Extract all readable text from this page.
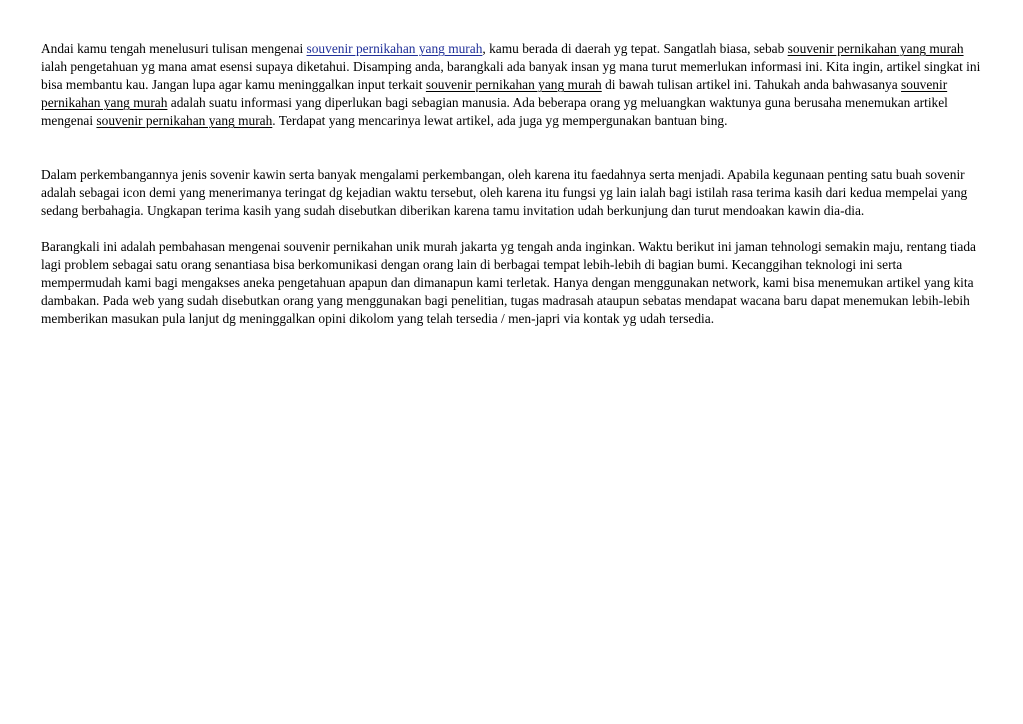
Andai kamu tengah menelusuri tulisan mengenai souvenir pernikahan yang murah, kamu berada di daerah yg tepat. Sangatlah biasa, sebab souvenir pernikahan yang murah ialah pengetahuan yg mana amat esensi supaya diketahui. Disamping anda, barangkali ada banyak insan yg mana turut memerlukan informasi ini. Kita ingin, artikel singkat ini bisa membantu kau. Jangan lupa agar kamu meninggalkan input terkait souvenir pernikahan yang murah di bawah tulisan artikel ini. Tahukah anda bahwasanya souvenir pernikahan yang murah adalah suatu informasi yang diperlukan bagi sebagian manusia. Ada beberapa orang yg meluangkan waktunya guna berusaha menemukan artikel mengenai souvenir pernikahan yang murah. Terdapat yang mencarinya lewat artikel, ada juga yg mempergunakan bantuan bing.

Dalam perkembangannya jenis sovenir kawin serta banyak mengalami perkembangan, oleh karena itu faedahnya serta menjadi. Apabila kegunaan penting satu buah sovenir adalah sebagai icon demi yang menerimanya teringat dg kejadian waktu tersebut, oleh karena itu fungsi yg lain ialah bagi istilah rasa terima kasih dari kedua mempelai yang sedang berbahagia. Ungkapan terima kasih yang sudah disebutkan diberikan karena tamu invitation udah berkunjung dan turut mendoakan kawin dia-dia.

Barangkali ini adalah pembahasan mengenai souvenir pernikahan unik murah jakarta yg tengah anda inginkan. Waktu berikut ini jaman tehnologi semakin maju, rentang tiada lagi problem sebagai satu orang senantiasa bisa berkomunikasi dengan orang lain di berbagai tempat lebih-lebih di bagian bumi. Kecanggihan teknologi ini serta mempermudah kami bagi mengakses aneka pengetahuan apapun dan dimanapun kami terletak. Hanya dengan menggunakan network, kami bisa menemukan artikel yang kita dambakan. Pada web yang sudah disebutkan orang yang menggunakan bagi penelitian, tugas madrasah ataupun sebatas mendapat wacana baru dapat menemukan lebih-lebih memberikan masukan pula lanjut dg meninggalkan opini dikolom yang telah tersedia / men-japri via kontak yg udah tersedia.
